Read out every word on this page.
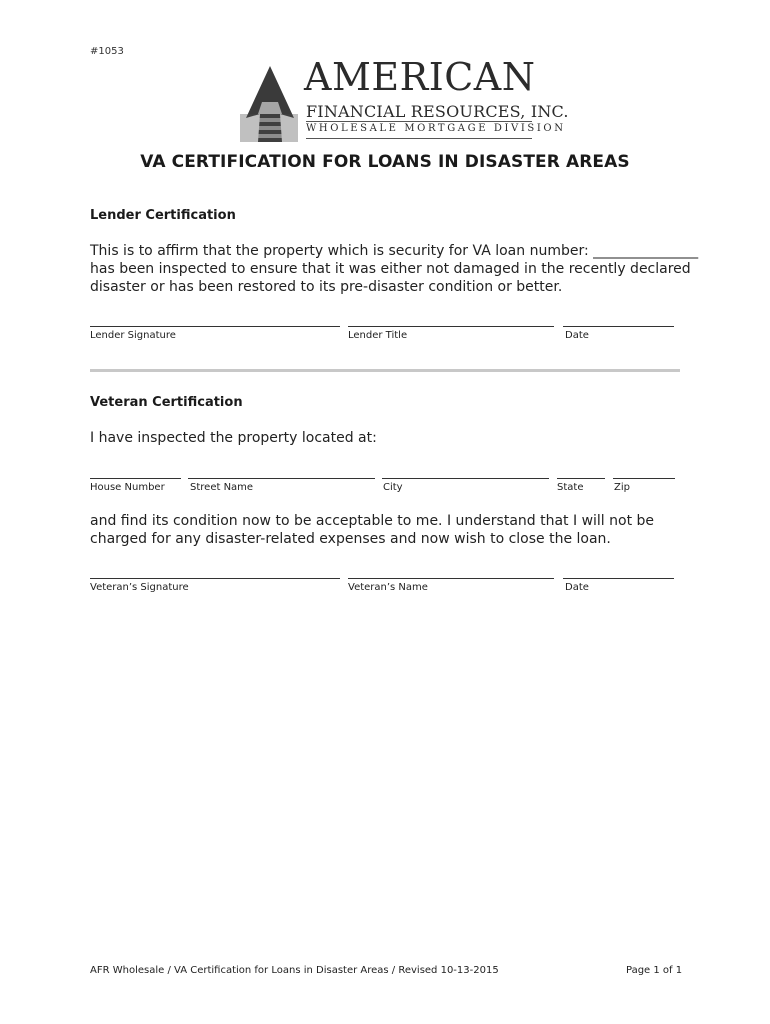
#1053
AMERICAN
FINANCIAL RESOURCES, INC.
WHOLESALE MORTGAGE DIVISION
VA CERTIFICATION FOR LOANS IN DISASTER AREAS
Lender Certification
This is to affirm that the property which is security for VA loan number: _______________
has been inspected to ensure that it was either not damaged in the recently declared
disaster or has been restored to its pre-disaster condition or better.
Lender Signature	Lender Title	Date
Veteran Certification
I have inspected the property located at:
House Number	Street Name	City	State	Zip
and find its condition now to be acceptable to me. I understand that I will not be
charged for any disaster-related expenses and now wish to close the loan.
Veteran’s Signature	Veteran’s Name	Date
AFR Wholesale / VA Certification for Loans in Disaster Areas / Revised 10-13-2015	Page 1 of 1
